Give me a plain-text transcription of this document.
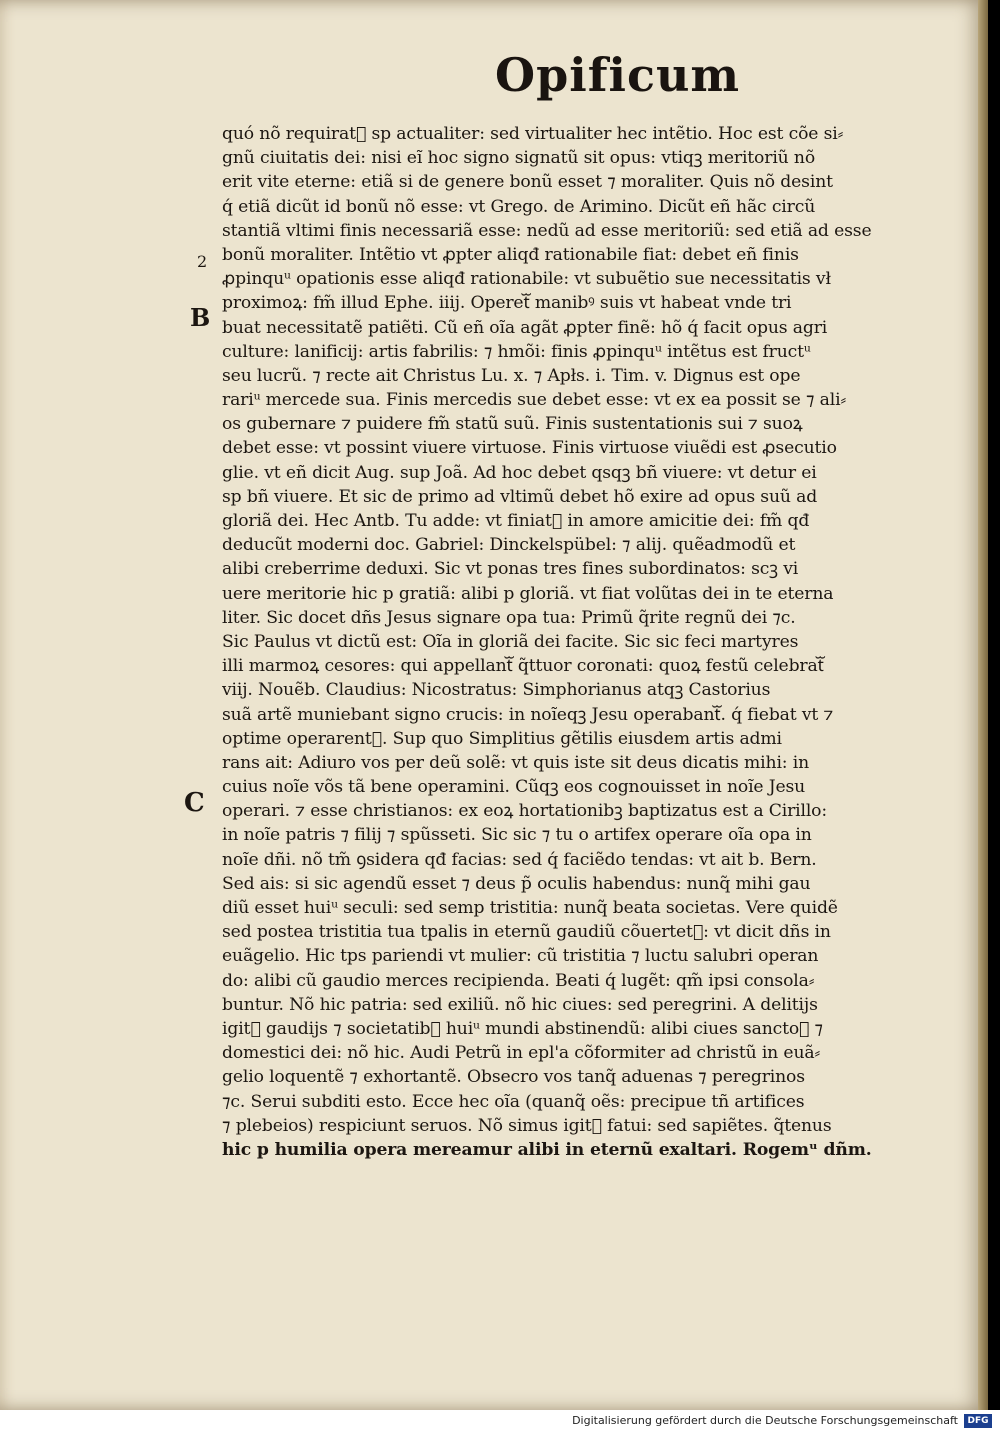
Opificum
2
B
C
quó nõ requiratᷓ sp actualiter: sed virtualiter hec intẽtio. Hoc est cõe si⸗
gnũ ciuitatis dei: nisi eĩ hoc signo signatũ sit opus: vtiqꝫ meritoriũ nõ
erit vite eterne: etiã si de genere bonũ esset ⁊ moraliter. Quis nõ desint
q́ etiã dicũt id bonũ nõ esse: vt Grego. de Arimino. Dicũt eñ hãc circũ
stantiã vltimi finis necessariã esse: nedũ ad esse meritoriũ: sed etiã ad esse
bonũ moraliter. Intẽtio vt ꝓpter aliqđ rationabile fiat: debet eñ finis
ꝓpinquᵘ opationis esse aliqđ rationabile: vt subuẽtio sue necessitatis vł
proximoꝝ: fm̃ illud Ephe. iiij. Operetᷓ manibꝰ suis vt habeat vnde tri
buat necessitatẽ patiẽti. Cũ eñ oĩa agãt ꝓpter finẽ: hõ q́ facit opus agri
culture: lanificij: artis fabrilis: ⁊ hmõi: finis ꝓpinquᵘ intẽtus est fructᵘ
seu lucrũ. ⁊ recte ait Christus Lu. x. ⁊ Apłs. i. Tim. v. Dignus est ope
rariᵘ mercede sua. Finis mercedis sue debet esse: vt ex ea possit se ⁊ ali⸗
os gubernare ⁊ puidere fm̃ statũ suũ. Finis sustentationis sui ⁊ suoꝝ
debet esse: vt possint viuere virtuose. Finis virtuose viuẽdi est ꝓsecutio
glie. vt eñ dicit Aug. sup Joã. Ad hoc debet qsqꝫ bñ viuere: vt detur ei
sp bñ viuere. Et sic de primo ad vltimũ debet hõ exire ad opus suũ ad
gloriã dei. Hec Antb. Tu adde: vt finiatᷓ in amore amicitie dei: fm̃ qđ
deducũt moderni doc. Gabriel: Dinckelspübel: ⁊ alij. quẽadmodũ et
alibi creberrime deduxi. Sic vt ponas tres fines subordinatos: scꝫ vi
uere meritorie hic p gratiã: alibi p gloriã. vt fiat volũtas dei in te eterna
liter. Sic docet dñs Jesus signare opa tua: Primũ q̃rite regnũ dei ⁊c.
Sic Paulus vt dictũ est: Oĩa in gloriã dei facite. Sic sic feci martyres
illi marmoꝝ cesores: qui appellantᷓ q̃ttuor coronati: quoꝝ festũ celebratᷓ
viij. Nouẽb. Claudius: Nicostratus: Simphorianus atqꝫ Castorius
suã artẽ muniebant signo crucis: in noĩeqꝫ Jesu operabantᷓ. q́ fiebat vt ⁊
optime operarentᷓ. Sup quo Simplitius gẽtilis eiusdem artis admi
rans ait: Adiuro vos per deũ solẽ: vt quis iste sit deus dicatis mihi: in
cuius noĩe võs tã bene operamini. Cũqꝫ eos cognouisset in noĩe Jesu
operari. ⁊ esse christianos: ex eoꝝ hortationibꝫ baptizatus est a Cirillo:
in noĩe patris ⁊ filij ⁊ spũsseti. Sic sic ⁊ tu o artifex operare oĩa opa in
noĩe dñi. nõ tm̃ ꝯsidera qđ facias: sed q́ faciẽdo tendas: vt ait b. Bern.
Sed ais: si sic agendũ esset ⁊ deus p̃ oculis habendus: nunq̃ mihi gau
diũ esset huiᵘ seculi: sed semp tristitia: nunq̃ beata societas. Vere quidẽ
sed postea tristitia tua tpalis in eternũ gaudiũ cõuertetᷓ: vt dicit dñs in
euãgelio. Hic tps pariendi vt mulier: cũ tristitia ⁊ luctu salubri operan
do: alibi cũ gaudio merces recipienda. Beati q́ lugẽt: qm̃ ipsi consola⸗
buntur. Nõ hic patria: sed exiliũ. nõ hic ciues: sed peregrini. A delitijs
igitᷓ gaudijs ⁊ societatibꝫ huiᵘ mundi abstinendũ: alibi ciues sanctoꝝ ⁊
domestici dei: nõ hic. Audi Petrũ in epl'a cõformiter ad christũ in euã⸗
gelio loquentẽ ⁊ exhortantẽ. Obsecro vos tanq̃ aduenas ⁊ peregrinos
⁊c. Serui subditi esto. Ecce hec oĩa (quanq̃ oẽs: precipue tñ artifices
⁊ plebeios) respiciunt seruos. Nõ simus igitᷓ fatui: sed sapiẽtes. q̃tenus
hic p humilia opera mereamur alibi in eternũ exaltari. Rogemᵘ dñm.
Digitalisierung gefördert durch die Deutsche Forschungsgemeinschaft	DFG
